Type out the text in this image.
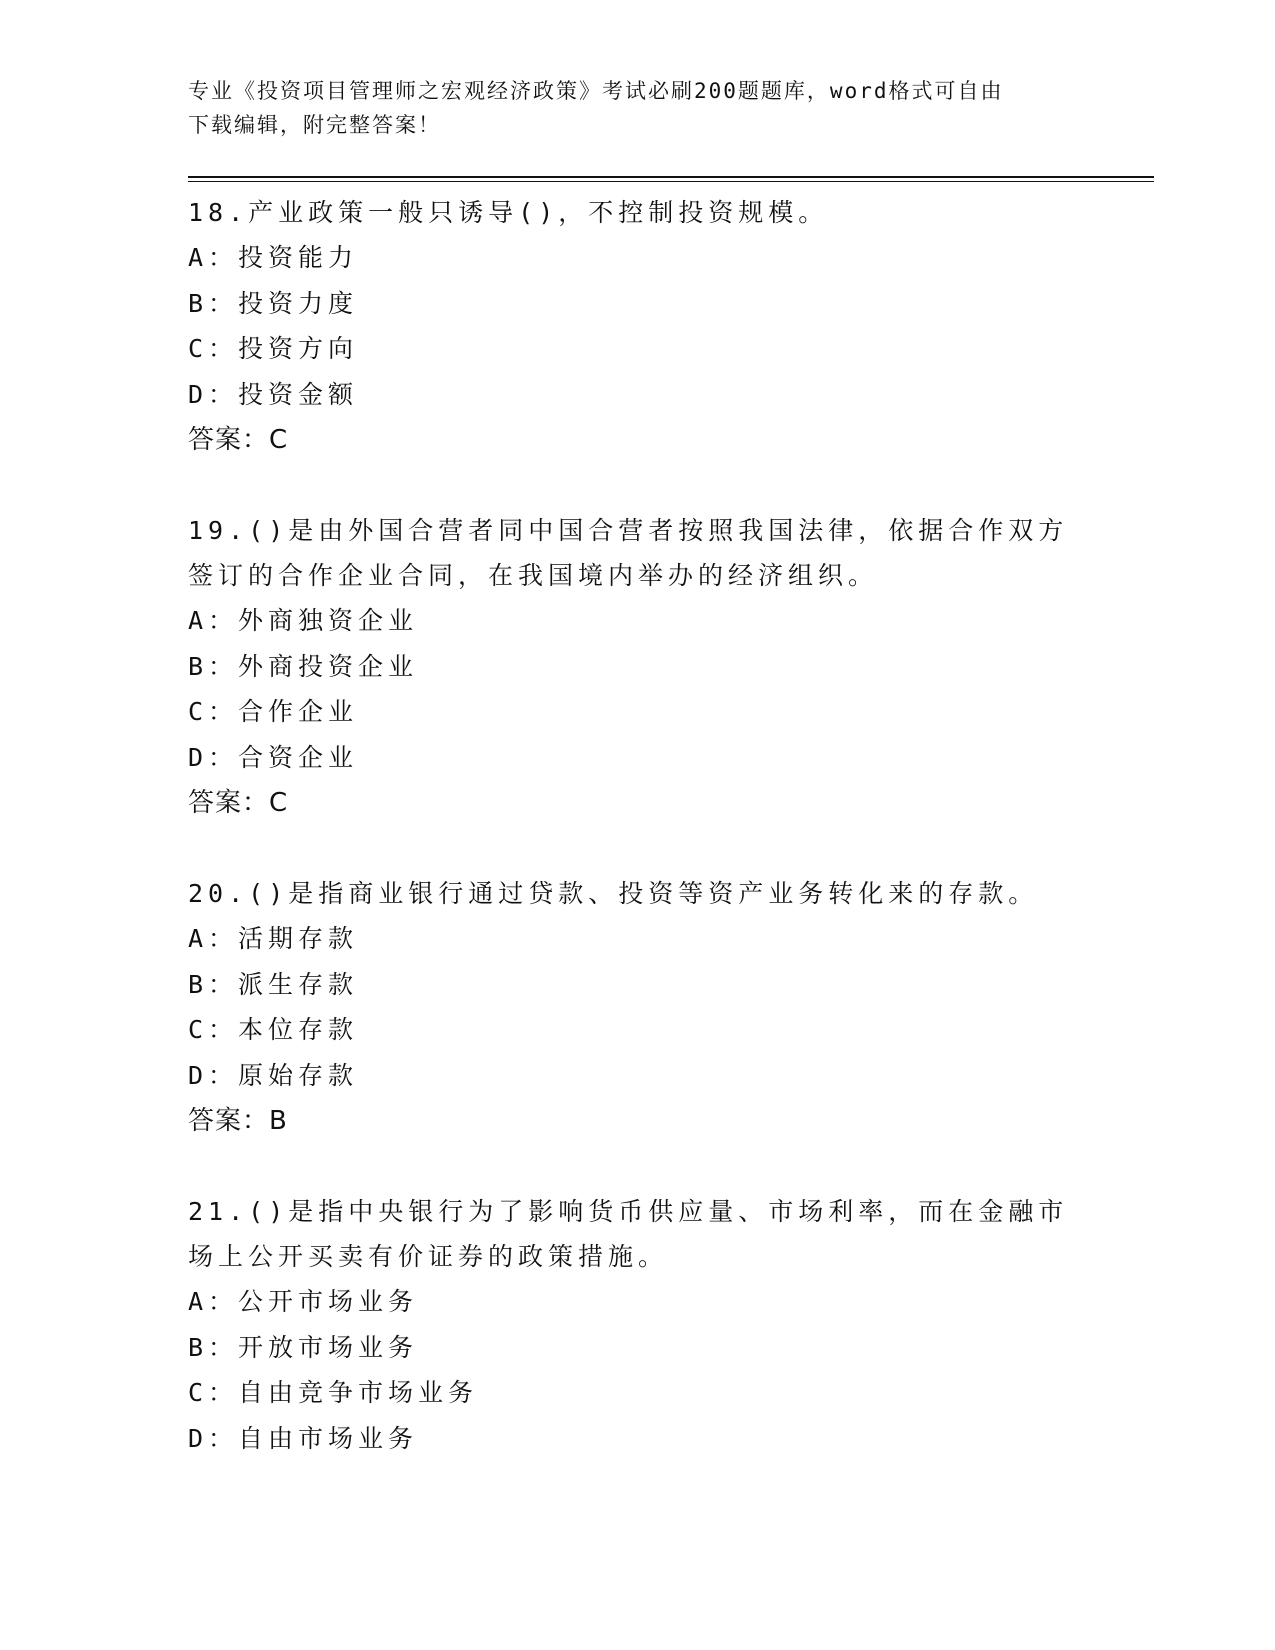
专业《投资项目管理师之宏观经济政策》考试必刷200题题库，word格式可自由
下载编辑，附完整答案！
18.产业政策一般只诱导()，不控制投资规模。
A：投资能力
B：投资力度
C：投资方向
D：投资金额
答案：C
19.()是由外国合营者同中国合营者按照我国法律，依据合作双方签订的合作企业合同，在我国境内举办的经济组织。
A：外商独资企业
B：外商投资企业
C：合作企业
D：合资企业
答案：C
20.()是指商业银行通过贷款、投资等资产业务转化来的存款。
A：活期存款
B：派生存款
C：本位存款
D：原始存款
答案：B
21.()是指中央银行为了影响货币供应量、市场利率，而在金融市场上公开买卖有价证券的政策措施。
A：公开市场业务
B：开放市场业务
C：自由竞争市场业务
D：自由市场业务
